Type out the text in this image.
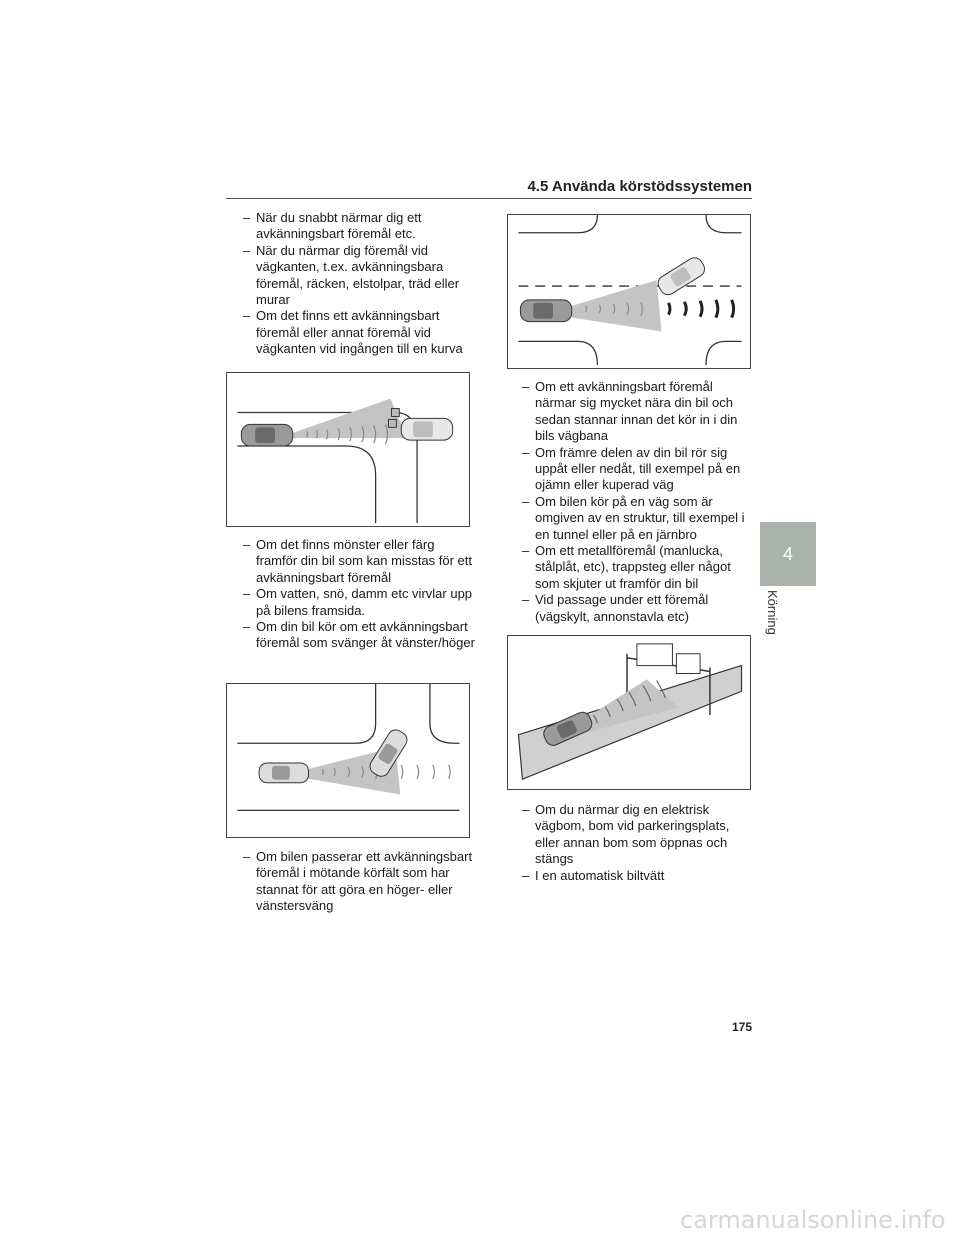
4.5 Använda körstödssystemen
– När du snabbt närmar dig ett avkänningsbart föremål etc.
– När du närmar dig föremål vid vägkanten, t.ex. avkänningsbara föremål, räcken, elstolpar, träd eller murar
– Om det finns ett avkänningsbart föremål eller annat föremål vid vägkanten vid ingången till en kurva
– Om det finns mönster eller färg framför din bil som kan misstas för ett avkänningsbart föremål
– Om vatten, snö, damm etc virvlar upp på bilens framsida.
– Om din bil kör om ett avkänningsbart föremål som svänger åt vänster/höger
– Om bilen passerar ett avkänningsbart föremål i mötande körfält som har stannat för att göra en höger- eller vänstersväng
– Om ett avkänningsbart föremål närmar sig mycket nära din bil och sedan stannar innan det kör in i din bils vägbana
– Om främre delen av din bil rör sig uppåt eller nedåt, till exempel på en ojämn eller kuperad väg
– Om bilen kör på en väg som är omgiven av en struktur, till exempel i en tunnel eller på en järnbro
– Om ett metallföremål (manlucka, stålplåt, etc), trappsteg eller något som skjuter ut framför din bil
– Vid passage under ett föremål (vägskylt, annonstavla etc)
– Om du närmar dig en elektrisk vägbom, bom vid parkeringsplats, eller annan bom som öppnas och stängs
– I en automatisk biltvätt
4
Körning
175
carmanualsonline.info
